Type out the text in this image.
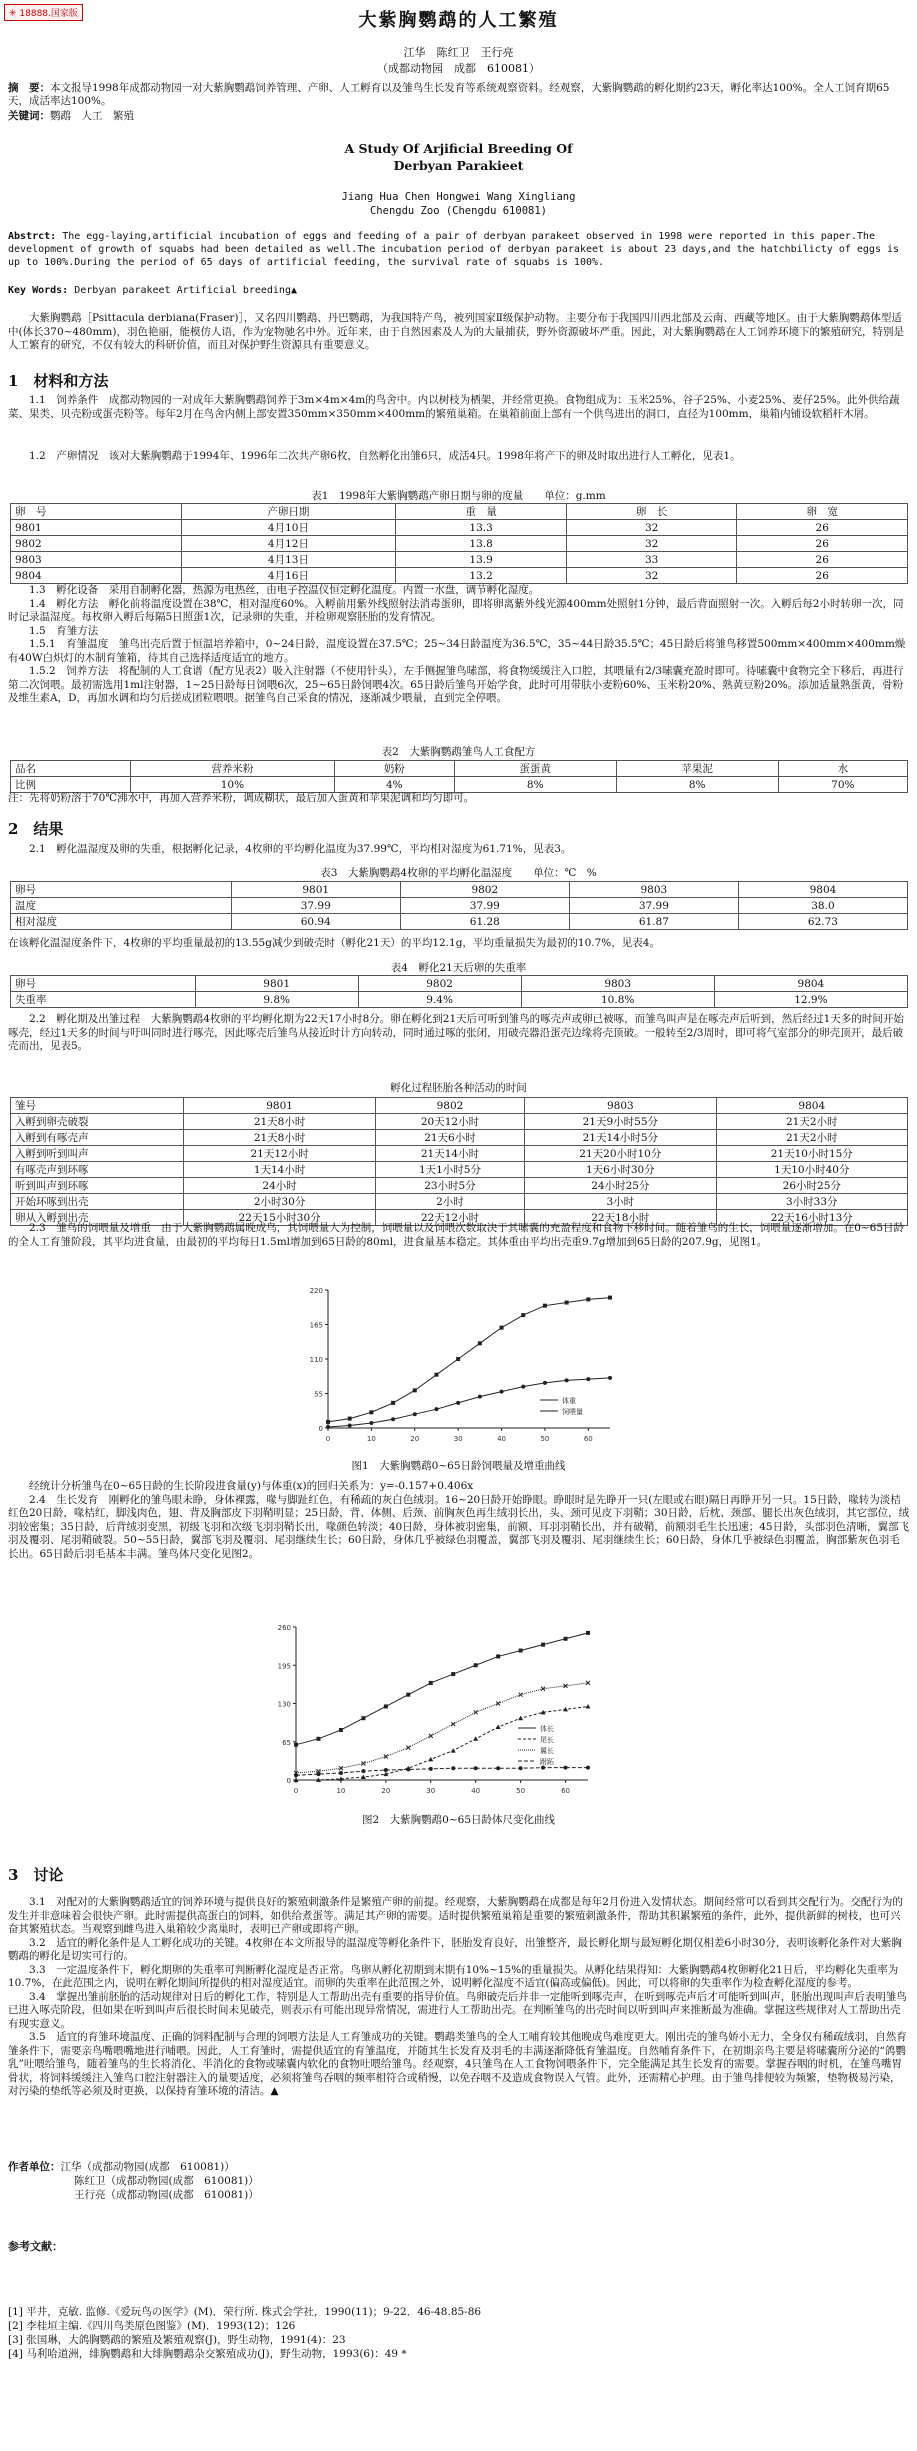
✳ 18888.国家版	大紫胸鹦鹉的人工繁殖
江华　陈红卫　王行亮
（成都动物园　成都　610081）
摘　要：本文报导1998年成都动物园一对大紫胸鹦鹉饲养管理、产卵、人工孵育以及雏鸟生长发育等系统观察资料。经观察，大紫胸鹦鹉的孵化期约23天，孵化率达100%。全人工饲育期65天，成活率达100%。
关键词：鹦鹉　人工　繁殖
A Study Of Arjificial Breeding Of
Derbyan Parakieet
Jiang Hua Chen Hongwei Wang Xingliang
Chengdu Zoo (Chengdu 610081)
Abstrct: The egg-laying,artificial incubation of eggs and feeding of a pair of derbyan parakeet observed in 1998 were reported in this paper.The development of growth of squabs had been detailed as well.The incubation period of derbyan parakeet is about 23 days,and the hatchbilicty of eggs is up to 100%.During the period of 65 days of artificial feeding, the survival rate of squabs is 100%.
Key Words: Derbyan parakeet Artificial breeding▲

　　大紫胸鹦鹉［Psittacula derbiana(Fraser)］，又名四川鹦鹉、丹巴鹦鹉，为我国特产鸟，被列国家Ⅱ级保护动物。主要分布于我国四川西北部及云南、西藏等地区。由于大紫胸鹦鹉体型适中(体长370~480mm)，羽色艳丽，能模仿人语，作为宠物驰名中外。近年来，由于自然因素及人为的大量捕获，野外资源破坏严重。因此，对大紫胸鹦鹉在人工饲养环境下的繁殖研究，特别是人工繁育的研究，不仅有较大的科研价值，而且对保护野生资源具有重要意义。

1　材料和方法

　　1.1　饲养条件　成都动物园的一对成年大紫胸鹦鹉饲养于3m×4m×4m的鸟舍中。内以树枝为栖架，并经常更换。食物组成为：玉米25%、谷子25%、小麦25%、麦仔25%。此外供给蔬菜、果类、贝壳粉或蛋壳粉等。每年2月在鸟舍内侧上部安置350mm×350mm×400mm的繁殖巢箱。在巢箱前面上部有一个供鸟进出的洞口，直径为100mm，巢箱内铺设软稻杆木屑。

　　1.2　产卵情况　该对大紫胸鹦鹉于1994年、1996年二次共产卵6枚，自然孵化出雏6只，成活4只。1998年将产下的卵及时取出进行人工孵化，见表1。

表1　1998年大紫胸鹦鹉产卵日期与卵的度量　　单位：g.mm
卵　号	产卵日期	重　量	卵　长	卵　宽
9801	4月10日	13.3	32	26
9802	4月12日	13.8	32	26
9803	4月13日	13.9	33	26
9804	4月16日	13.2	32	26

　　1.3　孵化设备　采用自制孵化器，热源为电热丝，由电子控温仪恒定孵化温度。内置一水盘，调节孵化湿度。
　　1.4　孵化方法　孵化前将温度设置在38℃，相对湿度60%。入孵前用紫外线照射法消毒蛋卵，即将卵离紫外线光源400mm处照射1分钟，最后背面照射一次。入孵后每2小时转卵一次，同时记录温湿度。每枚卵入孵后每隔5日照蛋1次，记录卵的失重，并检卵观察胚胎的发育情况。
　　1.5　育雏方法
　　1.5.1　育雏温度　雏鸟出壳后置于恒温培养箱中，0~24日龄，温度设置在37.5℃；25~34日龄温度为36.5℃，35~44日龄35.5℃；45日龄后将雏鸟移置500mm×400mm×400mm燥有40W白炽灯的木制育雏箱，待其自己选择适度适宜的地方。
　　1.5.2　饲养方法　将配制的人工食谱（配方见表2）吸入注射器（不使用针头），左手侧握雏鸟嗉部，将食物缓缓注入口腔，其喂量有2/3嗉囊充盈时即可。待嗉囊中食物完全下移后，再进行第二次饲喂。最初需选用1ml注射器，1~25日龄每日饲喂6次，25~65日龄饲喂4次。65日龄后雏鸟开始学食，此时可用带肤小麦粉60%、玉米粉20%、熟黄豆粉20%。添加适量熟蛋黄，骨粉及维生素A，D，再加水调和均匀后搓成团粒喂喂。据雏鸟自己采食的情况，逐渐减少喂量，直到完全停喂。

表2　大紫胸鹦鹉雏鸟人工食配方
品名	营养米粉	奶粉	蛋蛋黄	苹果泥	水
比例	10%	4%	8%	8%	70%
注：先将奶粉溶于70℃沸水中，再加入营养米粉，调成糊状，最后加入蛋黄和苹果泥调和均匀即可。
2　结果

　　2.1　孵化温湿度及卵的失重，根据孵化记录，4枚卵的平均孵化温度为37.99℃，平均相对湿度为61.71%，见表3。

表3　大紫胸鹦鹉4枚卵的平均孵化温湿度　　单位：℃　%
卵号	9801	9802	9803	9804
温度	37.99	37.99	37.99	38.0
相对湿度	60.94	61.28	61.87	62.73

在该孵化温湿度条件下，4枚卵的平均重量最初的13.55g减少到破壳时（孵化21天）的平均12.1g，平均重量损失为最初的10.7%，见表4。

表4　孵化21天后卵的失重率
卵号	9801	9802	9803	9804
失重率	9.8%	9.4%	10.8%	12.9%

　　2.2　孵化期及出雏过程　大紫胸鹦鹉4枚卵的平均孵化期为22天17小时8分。卵在孵化到21天后可听到雏鸟的啄壳声或卵已被啄，而雏鸟叫声是在啄壳声后听到，然后经过1天多的时间开始啄壳，经过1天多的时间与吁叫同时进行啄壳，因此啄壳后雏鸟从接近时计方向转动，同时通过啄的张闭，用破壳器沿蛋壳边缘将壳顶破。一般转至2/3周时，即可将气室部分的卵壳顶开，最后破壳而出，见表5。

孵化过程胚胎各种活动的时间
雏号	9801	9802	9803	9804
入孵到卵壳破裂	21天8小时	20天12小时	21天9小时55分	21天2小时
入孵到有啄壳声	21天8小时	21天6小时	21天14小时5分	21天2小时
入孵到听到叫声	21天12小时	21天14小时	21天20小时10分	21天10小时15分
有啄壳声到环啄	1天14小时	1天1小时5分	1天6小时30分	1天10小时40分
听到叫声到环啄	24小时	23小时5分	24小时25分	26小时25分
开始环啄到出壳	2小时30分	2小时	3小时	3小时33分
卵从入孵到出壳	22天15小时30分	22天12小时	22天18小时	22天16小时13分

　　2.3　雏鸟的饲喂量及增重　由于大紫胸鹦鹉属晚成鸟，其饲喂量人为控制，饲喂量以及饲喂次数取决于其嗉囊的充盈程度和食物下移时间。随着雏鸟的生长，饲喂量逐渐增加。在0~65日龄的全人工育雏阶段，其平均进食量，由最初的平均每日1.5ml增加到65日龄的80ml，进食量基本稳定。其体重由平均出壳重9.7g增加到65日龄的207.9g，见图1。

0	10	20	30	40	50	60
0
55
110
165
220
体重
饲喂量
图1　大紫胸鹦鹉0~65日龄饲喂量及增重曲线

　　经统计分析雏鸟在0~65日龄的生长阶段进食量(y)与体重(x)的回归关系为：y=-0.157+0.406x
　　2.4　生长发育　刚孵化的雏鸟眼未睁，身体裸露，喙与脚趾红色，有稀疏的灰白色绒羽。16~20日龄开始睁眼。睁眼时是先睁开一只(左眼或右眼)隔日再睁开另一只。15日龄，喙转为淡桔红色20日龄，喙桔红，脚浅肉色，翅、背及胸部皮下羽鞘明显；25日龄，背、体侧、后颈、前胸灰色再生绒羽长出，头、颈可见皮下羽鞘；30日龄，后枕、颈部、腿长出灰色绒羽，其它部位，绒羽较密集；35日龄，后背绒羽变黑，初级飞羽和次级飞羽羽鞘长出，喙颜色转淡；40日龄，身体被羽密集，前额、耳羽羽鞘长出，并有破鞘，前额羽毛生长迅速；45日龄，头部羽色清晰，翼部飞羽及覆羽、尾羽鞘破裂。50~55日龄，翼部飞羽及覆羽、尾羽继续生长；60日龄，身体几乎被绿色羽覆盖，翼部飞羽及覆羽、尾羽继续生长；60日龄，身体几乎被绿色羽覆盖，胸部紫灰色羽毛长出。65日龄后羽毛基本丰满。雏鸟体尺变化见图2。

0	10	20	30	40	50	60
0
65
130
195
260
体长
尾长
翼长
跗跖
图2　大紫胸鹦鹉0~65日龄体尺变化曲线
3　讨论

　　3.1　对配对的大紫胸鹦鹉适宜的饲养环境与提供良好的繁殖刺激条件是繁殖产卵的前提。经观察，大紫胸鹦鹉在成都是每年2月份进入发情状态。期间经常可以看到其交配行为。交配行为的发生并非意味着会很快产卵。此时需提供高蛋白的饲料，如供给煮蛋等。满足其产卵的需要。适时提供繁殖巢箱是重要的繁殖刺激条件，帮助其积累繁殖的条件，此外，提供新鲜的树枝，也可兴奋其繁殖状态。当观察到雌鸟进入巢箱较少离巢时，表明已产卵或即将产卵。
　　3.2　适宜的孵化条件是人工孵化成功的关键。4枚卵在本文所报导的温湿度等孵化条件下，胚胎发育良好，出雏整齐，最长孵化期与最短孵化期仅相差6小时30分，表明该孵化条件对大紫胸鹦鹉的孵化是切实可行的。
　　3.3　一定温度条件下，孵化期卵的失重率可判断孵化湿度是否正常。鸟卵从孵化初期到末期有10%~15%的重量损失。从孵化结果得知：大紫胸鹦鹉4枚卵孵化21日后，平均孵化失重率为10.7%，在此范围之内，说明在孵化期间所提供的相对湿度适宜。而卵的失重率在此范围之外，说明孵化湿度不适宜(偏高或偏低)。因此，可以将卵的失重率作为检查孵化湿度的参考。
　　3.4　掌握出雏前胚胎的活动规律对日后的孵化工作，特别是人工帮助出壳有重要的指导价值。鸟卵破壳后并非一定能听到啄壳声，在听到啄壳声后才可能听到叫声，胚胎出现叫声后表明雏鸟已进入啄壳阶段，但如果在听到叫声后很长时间未见破壳，则表示有可能出现异常情况，需进行人工帮助出壳。在判断雏鸟的出壳时间以听到叫声来推断最为准确。掌握这些规律对人工帮助出壳有现实意义。
　　3.5　适宜的育雏环境温度、正确的饲料配制与合理的饲喂方法是人工育雏成功的关键。鹦鹉类雏鸟的全人工哺育较其他晚成鸟难度更大。刚出壳的雏鸟娇小无力，全身仅有稀疏绒羽，自然育雏条件下，需要亲鸟嘴喂嘴地进行哺喂。因此，人工育雏时，需提供适宜的育雏温度，并随其生长发育及羽毛的丰满逐渐降低育雏温度。自然哺育条件下，在初期亲鸟主要是将嗉囊所分泌的“鸽鹦乳”吐喂给雏鸟，随着雏鸟的生长将消化、半消化的食物或嗉囊内软化的食物吐喂给雏鸟。经观察，4只雏鸟在人工食物饲喂条件下，完全能满足其生长发育的需要。掌握吞咽的时机，在雏鸟嘴胃骨状，将饲料缓缓注入雏鸟口腔注射器注入的量要适度，必须将雏鸟吞咽的频率相符合或稍慢，以免吞咽不及造成食物误入气管。此外，还需精心护理。由于雏鸟排便较为频繁，垫物极易污染，对污染的垫纸等必须及时更换，以保持育雏环境的清洁。▲

作者单位：江华（成都动物园(成都　610081)）
陈红卫（成都动物园(成都　610081)）
王行亮（成都动物园(成都　610081)）
参考文献：
[1] 平井，克敏. 监修.《爱玩鸟の医学》(M)．荣行所. 株式会学社，1990(11)；9-22．46-48.85-86
[2] 李桂垣主编.《四川鸟类原色图鉴》(M)．1993(12)；126
[3] 张国琳，大鸽胸鹦鹉的繁殖及繁殖观察(J)，野生动物，1991(4)：23
[4] 马利哈道洲，绯胸鹦鹉和大绯胸鹦鹉杂交繁殖成功(J)，野生动物，1993(6)：49 *
